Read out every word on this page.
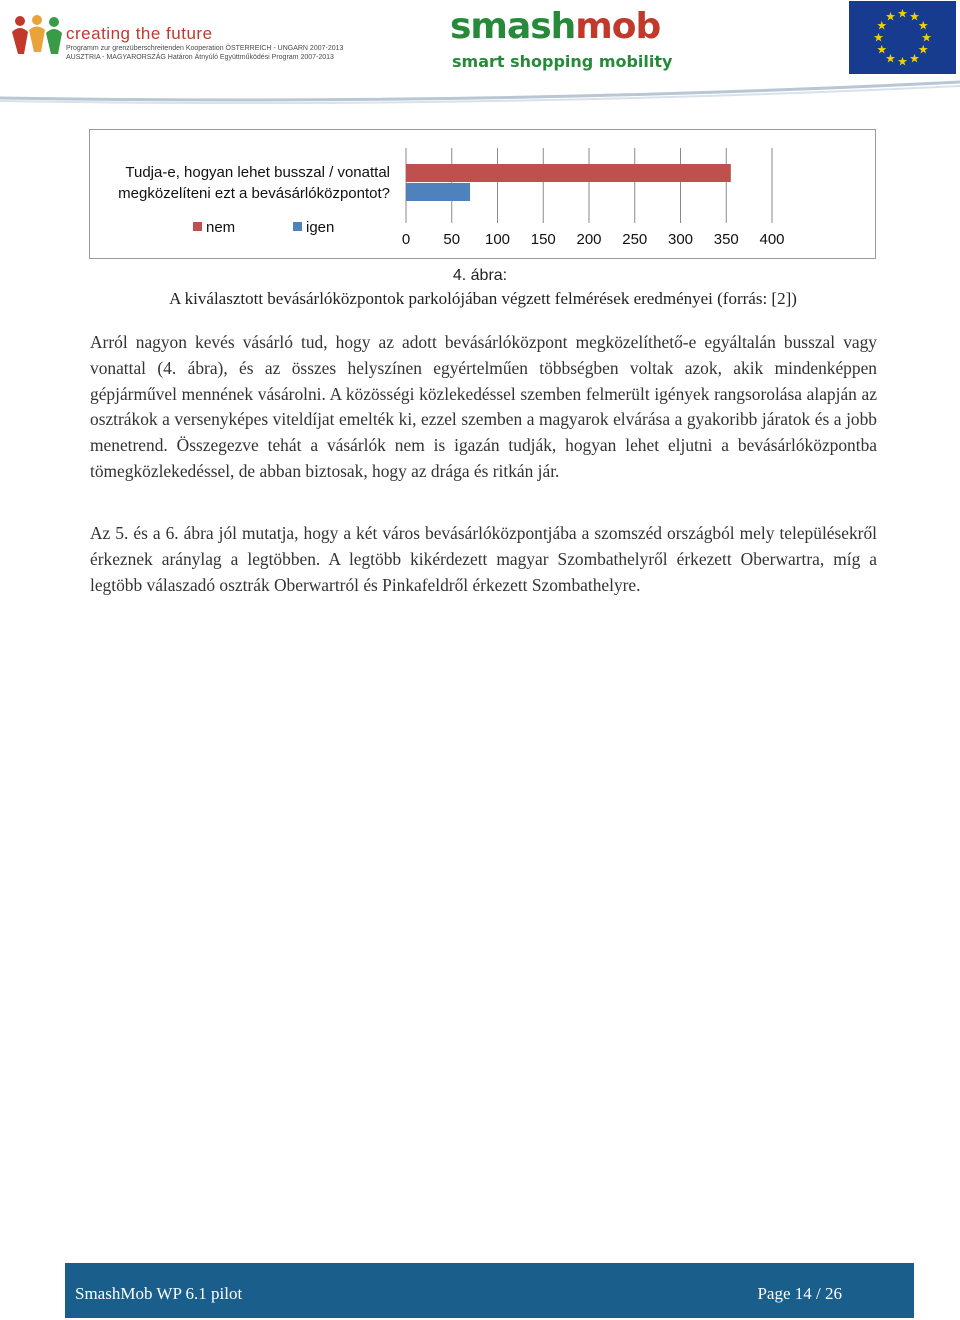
creating the future
Programm zur grenzüberschreitenden Kooperation ÖSTERREICH - UNGARN 2007-2013
AUSZTRIA - MAGYARORSZÁG Határon Átnyúló Együttműködési Program 2007-2013
smashmob
smart shopping mobility
★ ★
★
★
★
★
★
★
★
★
★
★
Tudja-e, hogyan lehet busszal / vonattal megközelíteni ezt a bevásárlóközpontot?
nem	igen
0 50 100 150 200 250 300 350 400
4. ábra:
A kiválasztott bevásárlóközpontok parkolójában végzett felmérések eredményei (forrás: [2])

Arról nagyon kevés vásárló tud, hogy az adott bevásárlóközpont megközelíthető-e egyáltalán busszal vagy vonattal (4. ábra), és az összes helyszínen egyértelműen többségben voltak azok, akik mindenképpen gépjárművel mennének vásárolni. A közösségi közlekedéssel szemben felmerült igények rangsorolása alapján az osztrákok a versenyképes viteldíjat emelték ki, ezzel szemben a magyarok elvárása a gyakoribb járatok és a jobb menetrend. Összegezve tehát a vásárlók nem is igazán tudják, hogyan lehet eljutni a bevásárlóközpontba tömegközlekedéssel, de abban biztosak, hogy az drága és ritkán jár.

Az 5. és a 6. ábra jól mutatja, hogy a két város bevásárlóközpontjába a szomszéd országból mely településekről érkeznek aránylag a legtöbben. A legtöbb kikérdezett magyar Szombathelyről érkezett Oberwartra, míg a legtöbb válaszadó osztrák Oberwartról és Pinkafeldről érkezett Szombathelyre.

SmashMob WP 6.1 pilot	Page 14 / 26
